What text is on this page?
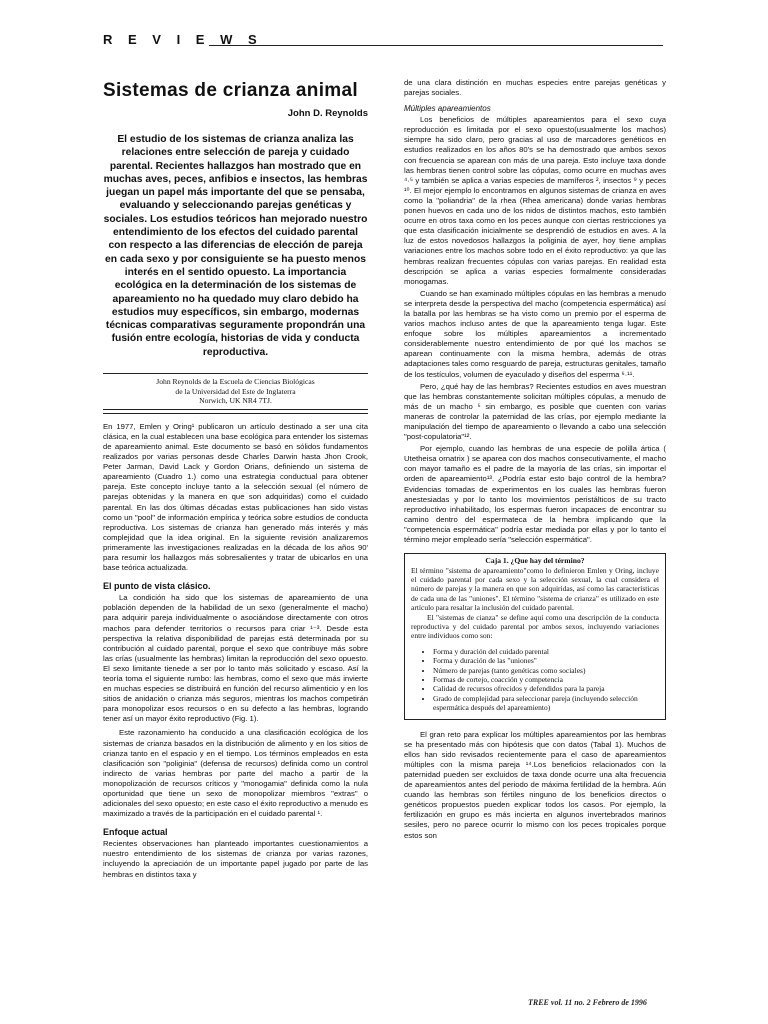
R E V I E W S
Sistemas de crianza animal
John D. Reynolds
El estudio de los sistemas de crianza analiza las relaciones entre selección de pareja y cuidado parental. Recientes hallazgos han mostrado que en muchas aves, peces, anfibios e insectos, las hembras juegan un papel más importante del que se pensaba, evaluando y seleccionando parejas genéticas y sociales. Los estudios teóricos han mejorado nuestro entendimiento de los efectos del cuidado parental con respecto a las diferencias de elección de pareja en cada sexo y por consiguiente se ha puesto menos interés en el sentido opuesto. La importancia ecológica en la determinación de los sistemas de apareamiento no ha quedado muy claro debido ha estudios muy específicos, sin embargo, modernas técnicas comparativas seguramente propondrán una fusión entre ecología, historias de vida y conducta reproductiva.
John Reynolds de la Escuela de Ciencias Biológicas
de la Universidad del Este de Inglaterra
Norwich, UK NR4 7TJ.

En 1977, Emlen y Oring¹ publicaron un artículo destinado a ser una cita clásica, en la cual establecen una base ecológica para entender los sistemas de apareamiento animal. Este documento se basó en sólidos fundamentos realizados por varias personas desde Charles Darwin hasta Jhon Crook, Peter Jarman, David Lack y Gordon Orians, definiendo un sistema de apareamiento (Cuadro 1.) como una estrategia conductual para obtener pareja. Este concepto incluye tanto a la selección sexual (el número de parejas obtenidas y la manera en que son adquiridas) como el cuidado parental. En las dos últimas décadas estas publicaciones han sido vistas como un "pool" de información empírica y teórica sobre estudios de conducta reproductiva. Los sistemas de crianza han generado más interés y más complejidad que la idea original. En la siguiente revisión analizaremos primeramente las investigaciones realizadas en la década de los años 90' para resumir los hallazgos más sobresalientes y tratar de ubicarlos en una base teórica actualizada.

El punto de vista clásico.

La condición ha sido que los sistemas de apareamiento de una población dependen de la habilidad de un sexo (generalmente el macho) para adquirir pareja individualmente o asociándose directamente con otros machos para defender territorios o recursos para criar ¹⁻³. Desde esta perspectiva la relativa disponibilidad de parejas está determinada por su contribución al cuidado parental, porque el sexo que contribuye más sobre las crías (usualmente las hembras) limitan la reproducción del sexo opuesto. El sexo limitante tienede a ser por lo tanto más solicitado y escaso. Así la teoría toma el siguiente rumbo: las hembras, como el sexo que más invierte en muchas especies se distribuirá en función del recurso alimenticio y en los sitios de anidación o crianza más seguros, mientras los machos competirán para monopolizar esos recursos o en su defecto a las hembras, logrando tener así un mayor éxito reproductivo (Fig. 1).

Este razonamiento ha conducido a una clasificación ecológica de los sistemas de crianza basados en la distribución de alimento y en los sitios de crianza tanto en el espacio y en el tiempo. Los términos empleados en esta clasificación son "poliginia" (defensa de recursos) definida como un control indirecto de varias hembras por parte del macho a partir de la monopolización de recursos críticos y "monogamia" definida como la nula oportunidad que tiene un sexo de monopolizar miembros "extras" o adicionales del sexo opuesto; en este caso el éxito reproductivo a menudo es maximizado a través de la participación en el cuidado parental ¹.

Enfoque actual

Recientes observaciones han planteado importantes cuestionamientos a nuestro entendimiento de los sistemas de crianza por varias razones, incluyendo la apreciación de un importante papel jugado por parte de las hembras en distintos taxa y

de una clara distinción en muchas especies entre parejas genéticas y parejas sociales.

Múltiples apareamientos

Los beneficios de múltiples apareamientos para el sexo cuya reproducción es limitada por el sexo opuesto(usualmente los machos) siempre ha sido claro, pero gracias al uso de marcadores genéticos en estudios realizados en los años 80's se ha demostrado que ambos sexos con frecuencia se aparean con más de una pareja. Esto incluye taxa donde las hembras tienen control sobre las cópulas, como ocurre en muchas aves ⁴·⁵ y también se aplica a varias especies de mamíferos ², insectos ⁹ y peces ¹⁰. El mejor ejemplo lo encontramos en algunos sistemas de crianza en aves como la "poliandria" de la rhea (Rhea americana) donde varias hembras ponen huevos en cada uno de los nidos de distintos machos, esto también ocurre en otros taxa como en los peces aunque con ciertas restricciones ya que esta clasificación inicialmente se desprendió de estudios en aves. A la luz de estos novedosos hallazgos la poliginia de ayer, hoy tiene amplias variaciones entre los machos sobre todo en el éxito reproductivo: ya que las hembras realizan frecuentes cópulas con varias parejas. En realidad esta descripción se aplica a varias especies formalmente consideradas monogamas.

Cuando se han examinado múltiples cópulas en las hembras a menudo se interpreta desde la perspectiva del macho (competencia espermática) así la batalla por las hembras se ha visto como un premio por el esperma de varios machos incluso antes de que la apareamiento tenga lugar. Este enfoque sobre los múltiples apareamientos a incrementado considerablemente nuestro entendimiento de por qué los machos se aparean continuamente con la misma hembra, además de otras adaptaciones tales como resguardo de pareja, estructuras genitales, tamaño de los testículos, volumen de eyaculado y diseños del esperma ⁶·¹¹.

Pero, ¿qué hay de las hembras? Recientes estudios en aves muestran que las hembras constantemente solicitan múltiples cópulas, a menudo de más de un macho ⁵ sin embargo, es posible que cuenten con varias maneras de controlar la paternidad de las crías, por ejemplo mediante la manipulación del tiempo de apareamiento o llevando a cabo una selección "post-copulatoria"¹².

Por ejemplo, cuando las hembras de una especie de polilla ártica ( Utetheisa ornatrix ) se aparea con dos machos consecutivamente, el macho con mayor tamaño es el padre de la mayoría de las crías, sin importar el orden de apareamiento¹³. ¿Podría estar esto bajo control de la hembra? Evidencias tomadas de experimentos en los cuales las hembras fueron anestesiadas y por lo tanto los movimientos peristálticos de su tracto reproductivo inhabilitado, los espermas fueron incapaces de encontrar su camino dentro del espermateca de la hembra implicando que la "competencia espermática" podría estar mediada por ellas y por lo tanto el término mejor empleado sería "selección espermática".

Caja 1. ¿Que hay del término?

El término "sistema de apareamiento"como lo definieron Emlen y Oring, incluye el cuidado parental por cada sexo y la selección sexual, la cual considera el número de parejas y la manera en que son adquiridas, así como las características de cada una de las "uniones". El término "sistema de crianza" es utilizado en este artículo para resaltar la inclusión del cuidado parental.

El "sistemas de cianza" se define aquí como una descripción de la conducta reproductiva y del cuidado parental por ambos sexos, incluyendo variaciones entre individuos como son:

• Forma y duración del cuidado parental
• Forma y duración de las "uniones"
• Número de parejas (tanto genéticas como sociales)
• Formas de cortejo, coacción y competencia
• Calidad de recursos ofrecidos y defendidos para la pareja
• Grado de complejidad para seleccionar pareja (incluyendo selección espermática después del apareamiento)

El gran reto para explicar los múltiples apareamientos por las hembras se ha presentado más con hipótesis que con datos (Tabal 1). Muchos de ellos han sido revisados recientemente para el caso de apareamientos múltiples con la misma pareja ¹⁴.Los beneficios relacionados con la paternidad pueden ser excluidos de taxa donde ocurre una alta frecuencia de apareamientos antes del periodo de máxima fertilidad de la hembra. Aún cuando las hembras son fértiles ninguno de los beneficios directos o genéticos propuestos pueden explicar todos los casos. Por ejemplo, la fertilización en grupo es más incierta en algunos invertebrados marinos sesiles, pero no parece ocurrir lo mismo con los peces tropicales porque estos son

TREE vol. 11 no. 2 Febrero de 1996
